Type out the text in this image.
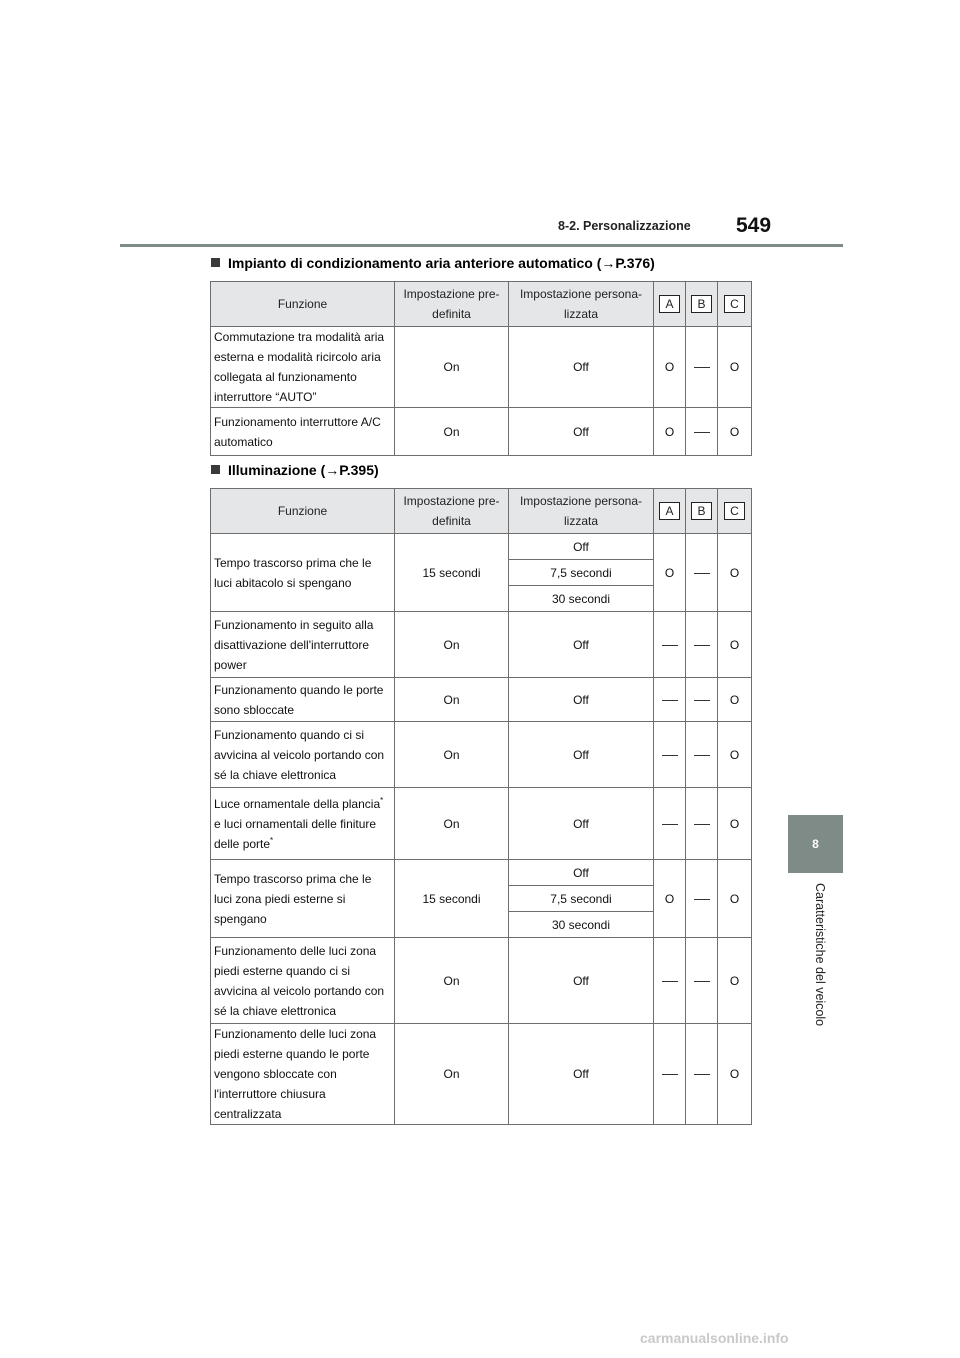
8-2. Personalizzazione 549
8
Caratteristiche del veicolo
Impianto di condizionamento aria anteriore automatico (→P.376)
Funzione	Impostazione pre-definita	Impostazione persona-lizzata	A	B	C
Commutazione tra modalità aria esterna e modalità ricircolo aria collegata al funzionamento interruttore “AUTO”	On	Off	O		O
Funzionamento interruttore A/C automatico	On	Off	O		O
Illuminazione (→P.395)
Funzione	Impostazione pre-definita	Impostazione persona-lizzata	A	B	C
Tempo trascorso prima che le luci abitacolo si spengano	15 secondi	Off	O		O
		7,5 secondi			
		30 secondi			
Funzionamento in seguito alla disattivazione dell'interruttore power	On	Off			O
Funzionamento quando le porte sono sbloccate	On	Off			O
Funzionamento quando ci si avvicina al veicolo portando con sé la chiave elettronica	On	Off			O
Luce ornamentale della plancia* e luci ornamentali delle finiture delle porte*	On	Off			O
Tempo trascorso prima che le luci zona piedi esterne si spengano	15 secondi	Off	O		O
		7,5 secondi			
		30 secondi			
Funzionamento delle luci zona piedi esterne quando ci si avvicina al veicolo portando con sé la chiave elettronica	On	Off			O
Funzionamento delle luci zona piedi esterne quando le porte vengono sbloccate con l'interruttore chiusura centralizzata	On	Off			O
carmanualsonline.info
